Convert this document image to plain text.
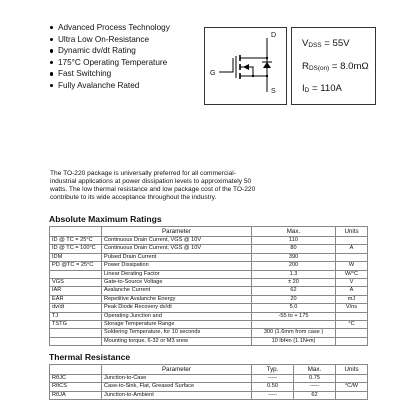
Advanced Process Technology
Ultra Low On-Resistance
Dynamic dv/dt Rating
175°C Operating Temperature
Fast Switching
Fully Avalanche Rated
D
G
S
$V_{DSS} = 55V$
$R_{DS(on)} = 8.0m\Omega$
$I_D = 110A$

The TO-220 package is universally preferred for all commercial-industrial applications at power dissipation levels to approximately 50 watts. The low thermal resistance and low package cost of the TO-220 contribute to its wide acceptance throughout the industry.

Absolute Maximum Ratings
	Parameter	Max.	Units
ID @ TC = 25°C	Continuous Drain Current, VGS @ 10V	110	
ID @ TC = 100°C	Continuous Drain Current, VGS @ 10V	80	A
IDM	Pulsed Drain Current	390	
PD @TC = 25°C	Power Dissipation	200	W
	Linear Derating Factor	1.3	W/°C
VGS	Gate-to-Source Voltage	± 20	V
IAR	Avalanche Current	62	A
EAR	Repetitive Avalanche Energy	20	mJ
dv/dt	Peak Diode Recovery dv/dt	5.0	V/ns
TJ	Operating Junction and	-55 to + 175	
TSTG	Storage Temperature Range		°C
	Soldering Temperature, for 10 seconds	300 (1.6mm from case )	
	Mounting torque, 6-32 or M3 srew	10 lbf•in (1.1N•m)	
Thermal Resistance
	Parameter	Typ.	Max.	Units
RθJC	Junction-to-Case	-----	0.75	
RθCS	Case-to-Sink, Flat, Greased Surface	0.50	-----	°C/W
RθJA	Junction-to-Ambient	-----	62	
